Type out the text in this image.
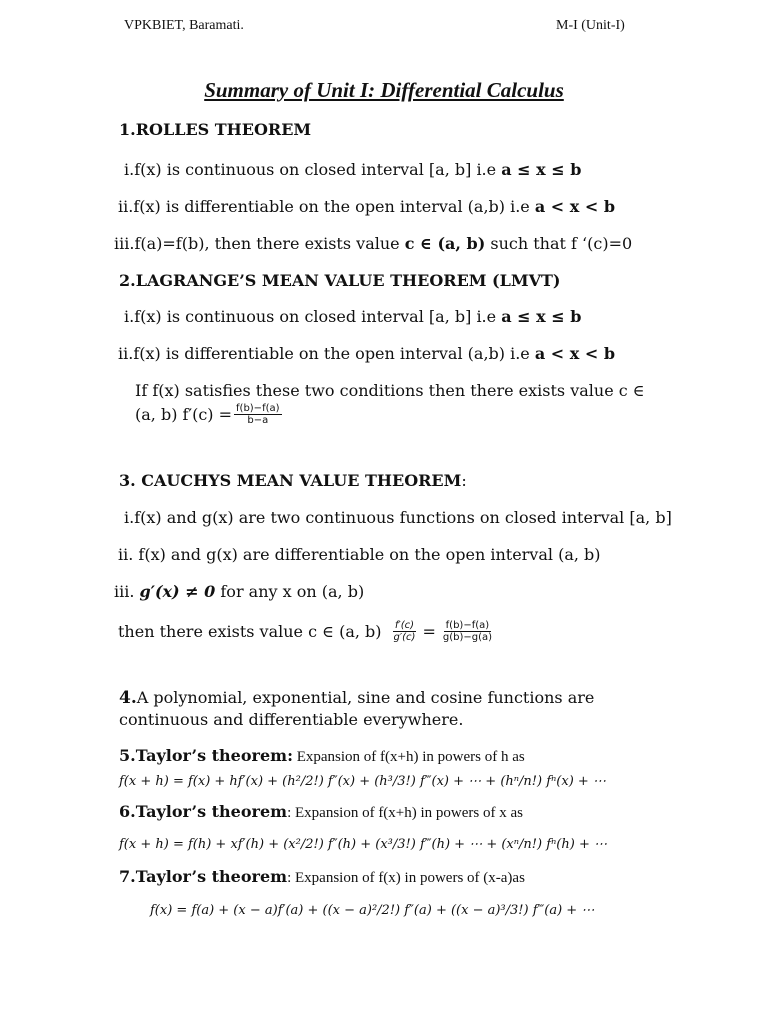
VPKBIET, Baramati.	M-I (Unit-I)
Summary of Unit I: Differential Calculus
1.ROLLES THEOREM
i.f(x) is continuous on closed interval [a, b] i.e a ≤ x ≤ b
ii.f(x) is differentiable on the open interval (a,b) i.e a < x < b
iii.f(a)=f(b), then there exists value c ∈ (a, b) such that f ‘(c)=0
2.LAGRANGE’S MEAN VALUE THEOREM (LMVT)
i.f(x) is continuous on closed interval [a, b] i.e a ≤ x ≤ b
ii.f(x) is differentiable on the open interval (a,b) i.e a < x < b
If f(x) satisfies these two conditions then there exists value c ∈
(a, b) $f'(c) = \frac{f(b)-f(a)}{b-a}$
3. CAUCHYS MEAN VALUE THEOREM:
i.f(x) and g(x) are two continuous functions on closed interval [a, b]
ii. f(x) and g(x) are differentiable on the open interval (a, b)
iii. g′(x) ≠ 0 for any x on (a, b)
then there exists value c ∈ (a, $b) \frac{f'(c)}{g'(c)} = \frac{f(b)-f(a)}{g(b)-g(a)}$
4.A polynomial, exponential, sine and cosine functions are
continuous and differentiable everywhere.
5.Taylor’s theorem: Expansion of f(x+h) in powers of h as
f(x + h) = f(x) + hf′(x) + (h²/2!) f″(x) + (h³/3!) f‴(x) + ⋯ + (hⁿ/n!) fⁿ(x) + ⋯
6.Taylor’s theorem: Expansion of f(x+h) in powers of x as
f(x + h) = f(h) + xf′(h) + (x²/2!) f″(h) + (x³/3!) f‴(h) + ⋯ + (xⁿ/n!) fⁿ(h) + ⋯
7.Taylor’s theorem: Expansion of f(x) in powers of (x-a)as
f(x) = f(a) + (x − a)f′(a) + ((x − a)²/2!) f″(a) + ((x − a)³/3!) f‴(a) + ⋯
